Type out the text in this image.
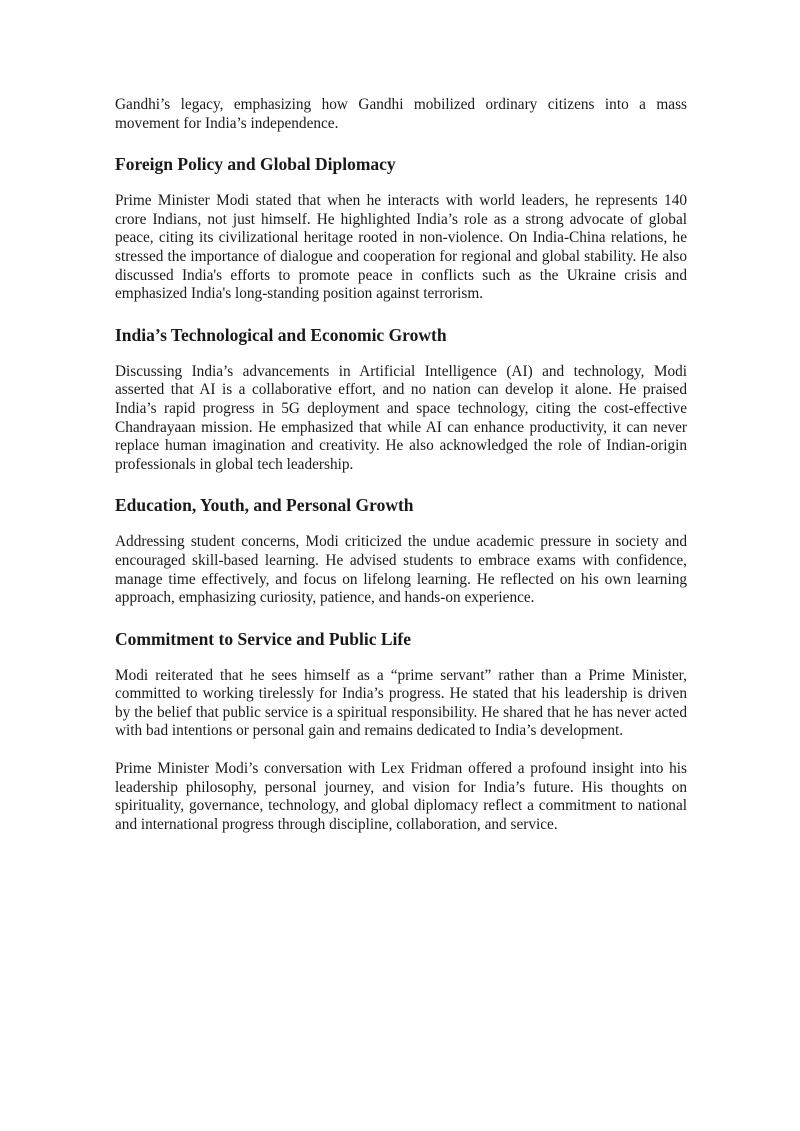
Gandhi’s legacy, emphasizing how Gandhi mobilized ordinary citizens into a mass movement for India’s independence.

Foreign Policy and Global Diplomacy

Prime Minister Modi stated that when he interacts with world leaders, he represents 140 crore Indians, not just himself. He highlighted India’s role as a strong advocate of global peace, citing its civilizational heritage rooted in non-violence. On India-China relations, he stressed the importance of dialogue and cooperation for regional and global stability. He also discussed India's efforts to promote peace in conflicts such as the Ukraine crisis and emphasized India's long-standing position against terrorism.

India’s Technological and Economic Growth

Discussing India’s advancements in Artificial Intelligence (AI) and technology, Modi asserted that AI is a collaborative effort, and no nation can develop it alone. He praised India’s rapid progress in 5G deployment and space technology, citing the cost-effective Chandrayaan mission. He emphasized that while AI can enhance productivity, it can never replace human imagination and creativity. He also acknowledged the role of Indian-origin professionals in global tech leadership.

Education, Youth, and Personal Growth

Addressing student concerns, Modi criticized the undue academic pressure in society and encouraged skill-based learning. He advised students to embrace exams with confidence, manage time effectively, and focus on lifelong learning. He reflected on his own learning approach, emphasizing curiosity, patience, and hands-on experience.

Commitment to Service and Public Life

Modi reiterated that he sees himself as a “prime servant” rather than a Prime Minister, committed to working tirelessly for India’s progress. He stated that his leadership is driven by the belief that public service is a spiritual responsibility. He shared that he has never acted with bad intentions or personal gain and remains dedicated to India’s development.

Prime Minister Modi’s conversation with Lex Fridman offered a profound insight into his leadership philosophy, personal journey, and vision for India’s future. His thoughts on spirituality, governance, technology, and global diplomacy reflect a commitment to national and international progress through discipline, collaboration, and service.
